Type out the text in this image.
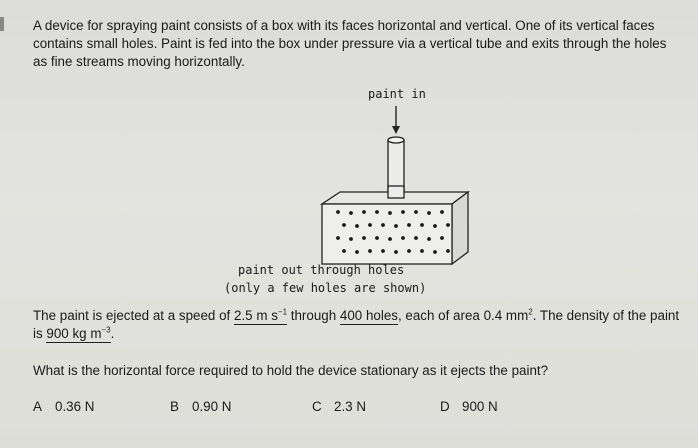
A device for spraying paint consists of a box with its faces horizontal and vertical. One of its vertical faces contains small holes. Paint is fed into the box under pressure via a vertical tube and exits through the holes as fine streams moving horizontally.

paint in
paint out through holes
(only a few holes are shown)

The paint is ejected at a speed of 2.5 m $s^{-1}$ through 400 holes, each of area 0.4 $mm^2$. The density of the paint is 900 kg $m^{-3}$.

What is the horizontal force required to hold the device stationary as it ejects the paint?

A 0.36 N	B 0.90 N	C 2.3 N	D 900 N
